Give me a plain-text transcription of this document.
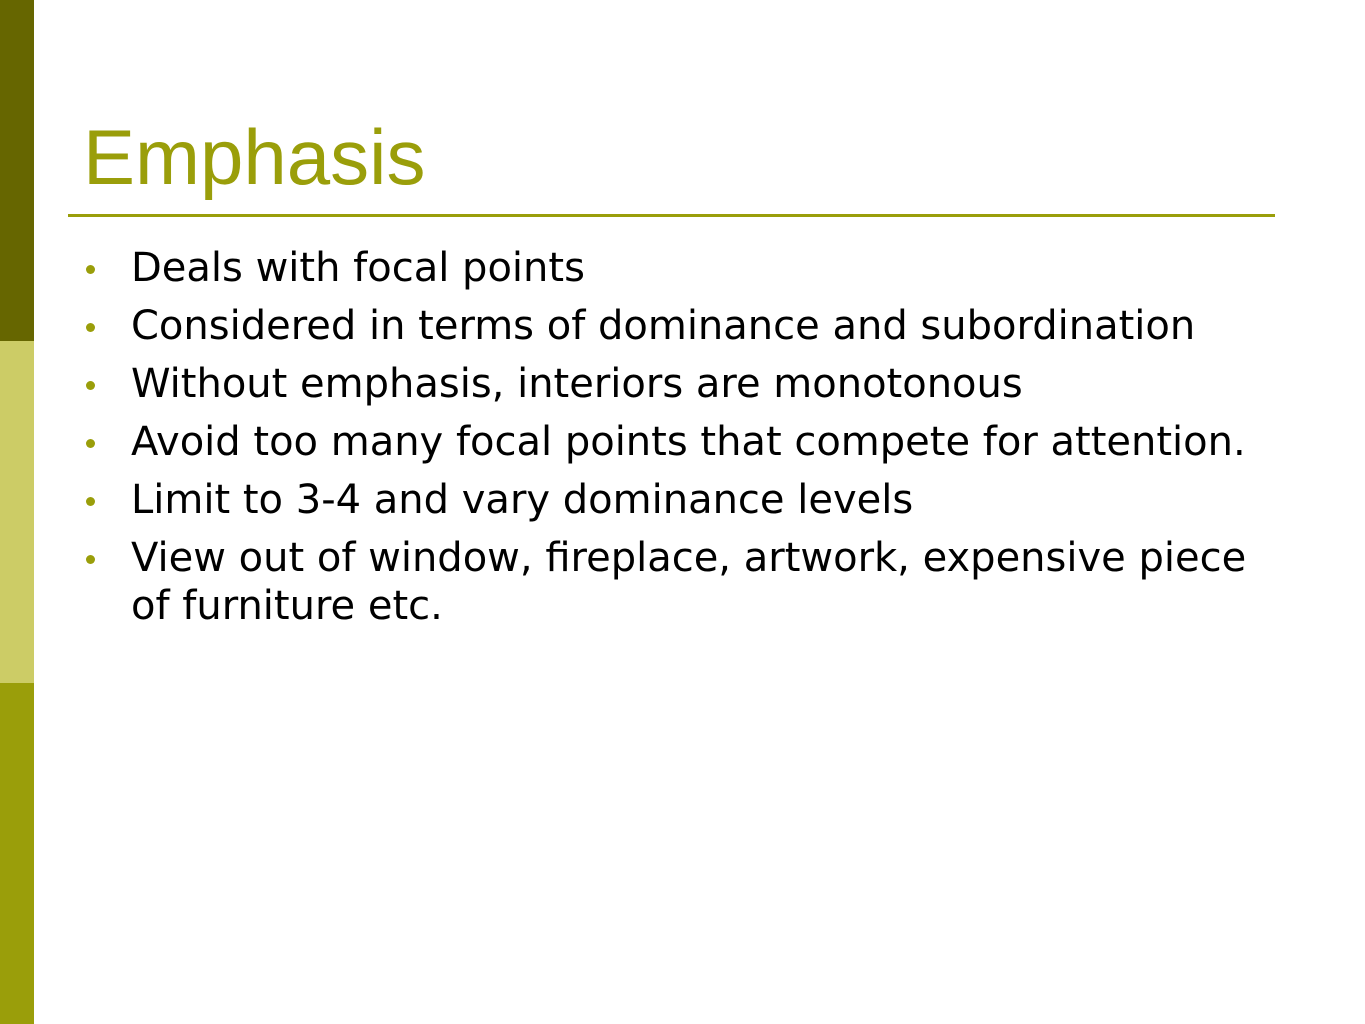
Emphasis
Deals with focal points
Considered in terms of dominance and subordination
Without emphasis, interiors are monotonous
Avoid too many focal points that compete for attention.
Limit to 3-4 and vary dominance levels
View out of window, fireplace, artwork, expensive piece of furniture etc.
